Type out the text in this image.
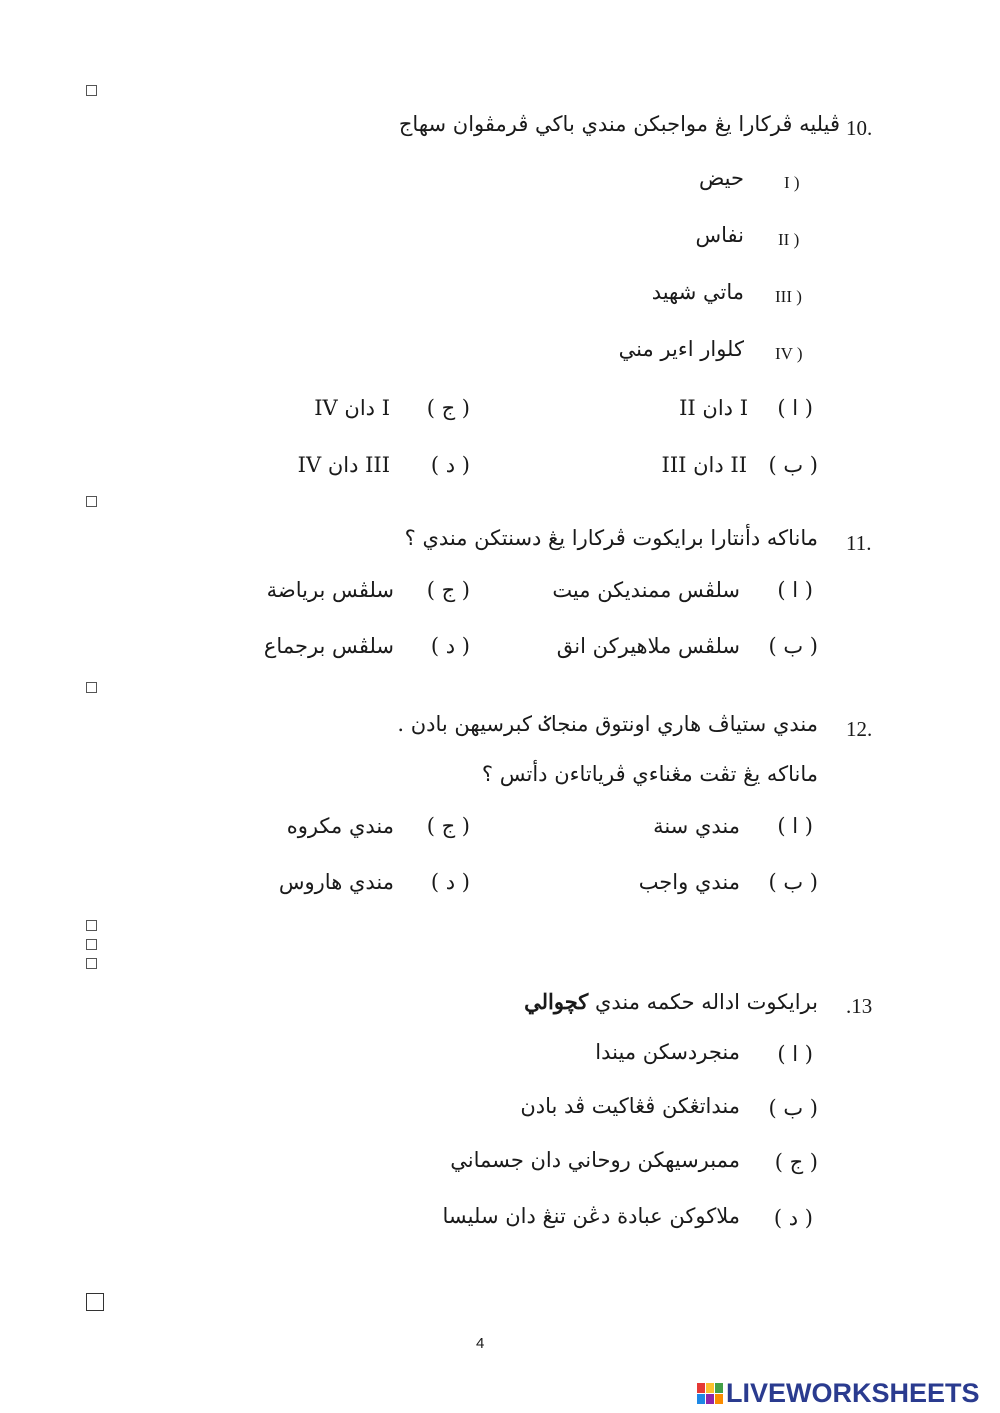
10.
ڤيليه ڤركارا يڠ مواجبکن مندي باکي ڤرمڤوان سهاج
I )
حيض
II )
نفاس
III )
ماتي شهيد
IV )
کلوار اءير مني
( ا )
I دان II
( ج )
I دان IV
( ب )
II دان III
( د )
III دان IV
11.
ماناکه دأنتارا برايکوت ڤرکارا يڠ دسنتکن مندي ؟
( ا )
سلڤس ممنديکن ميت
( ج )
سلڤس برياضة
( ب )
سلڤس ملاهيرکن انق
( د )
سلڤس برجماع
12.
مندي ستياڤ هاري اونتوق منجاݢ کبرسيهن بادن .
ماناکه يڠ تڤت مڠناءي ڤرياتاءن دأتس ؟
( ا )
مندي سنة
( ج )
مندي مکروه
( ب )
مندي واجب
( د )
مندي هاروس
.13
برايکوت اداله حکمه مندي کچوالي
( ا )
منجردسکن ميندا
( ب )
منداتڠکن ڤڠاکيت ڤد بادن
( ج )
ممبرسيهکن روحاني دان جسماني
( د )
ملاکوکن عبادة دڠن تنڠ دان سليسا
4
LIVEWORKSHEETS
